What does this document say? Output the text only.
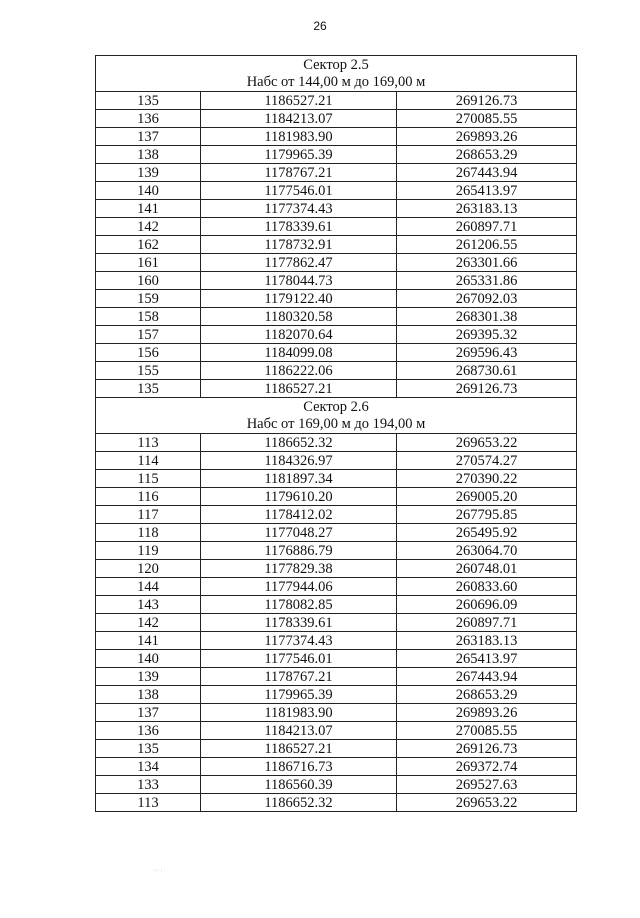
26
Сектор 2.5
Набс от 144,00 м до 169,00 м		

135	1186527.21	269126.73
136	1184213.07	270085.55
137	1181983.90	269893.26
138	1179965.39	268653.29
139	1178767.21	267443.94
140	1177546.01	265413.97
141	1177374.43	263183.13
142	1178339.61	260897.71
162	1178732.91	261206.55
161	1177862.47	263301.66
160	1178044.73	265331.86
159	1179122.40	267092.03
158	1180320.58	268301.38
157	1182070.64	269395.32
156	1184099.08	269596.43
155	1186222.06	268730.61
135	1186527.21	269126.73

Сектор 2.6
Набс от 169,00 м до 194,00 м		

113	1186652.32	269653.22
114	1184326.97	270574.27
115	1181897.34	270390.22
116	1179610.20	269005.20
117	1178412.02	267795.85
118	1177048.27	265495.92
119	1176886.79	263064.70
120	1177829.38	260748.01
144	1177944.06	260833.60
143	1178082.85	260696.09
142	1178339.61	260897.71
141	1177374.43	263183.13
140	1177546.01	265413.97
139	1178767.21	267443.94
138	1179965.39	268653.29
137	1181983.90	269893.26
136	1184213.07	270085.55
135	1186527.21	269126.73
134	1186716.73	269372.74
133	1186560.39	269527.63
113	1186652.32	269653.22
·:·:·
